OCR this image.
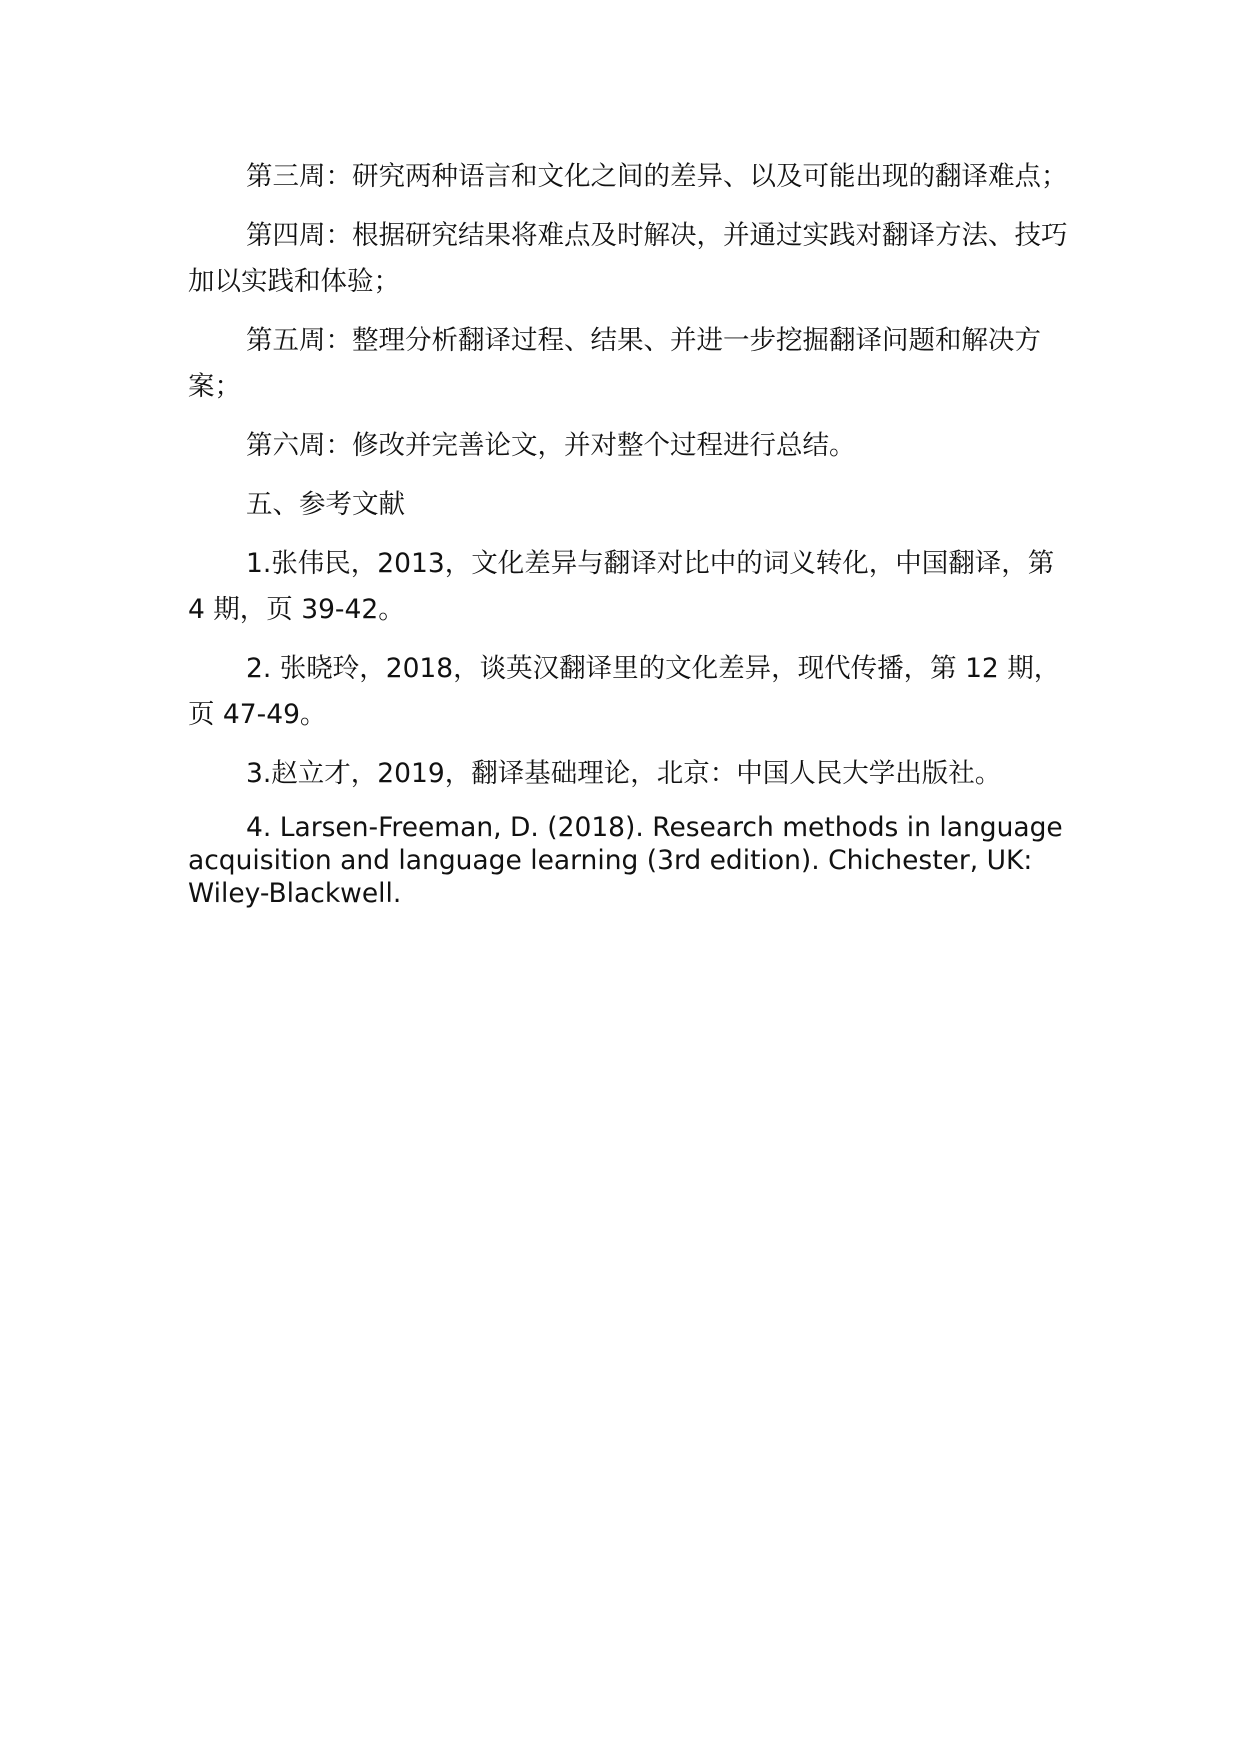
第三周：研究两种语言和文化之间的差异、以及可能出现的翻译难点；

第四周：根据研究结果将难点及时解决，并通过实践对翻译方法、技巧加以实践和体验；

第五周：整理分析翻译过程、结果、并进一步挖掘翻译问题和解决方案；

第六周：修改并完善论文，并对整个过程进行总结。

五、参考文献

1.张伟民，2013，文化差异与翻译对比中的词义转化，中国翻译，第 4 期，页 39-42。

2. 张晓玲，2018，谈英汉翻译里的文化差异，现代传播，第 12 期，页 47-49。

3.赵立才，2019，翻译基础理论，北京：中国人民大学出版社。

4. Larsen-Freeman, D. (2018). Research methods in language acquisition and language learning (3rd edition). Chichester, UK: Wiley-Blackwell.
